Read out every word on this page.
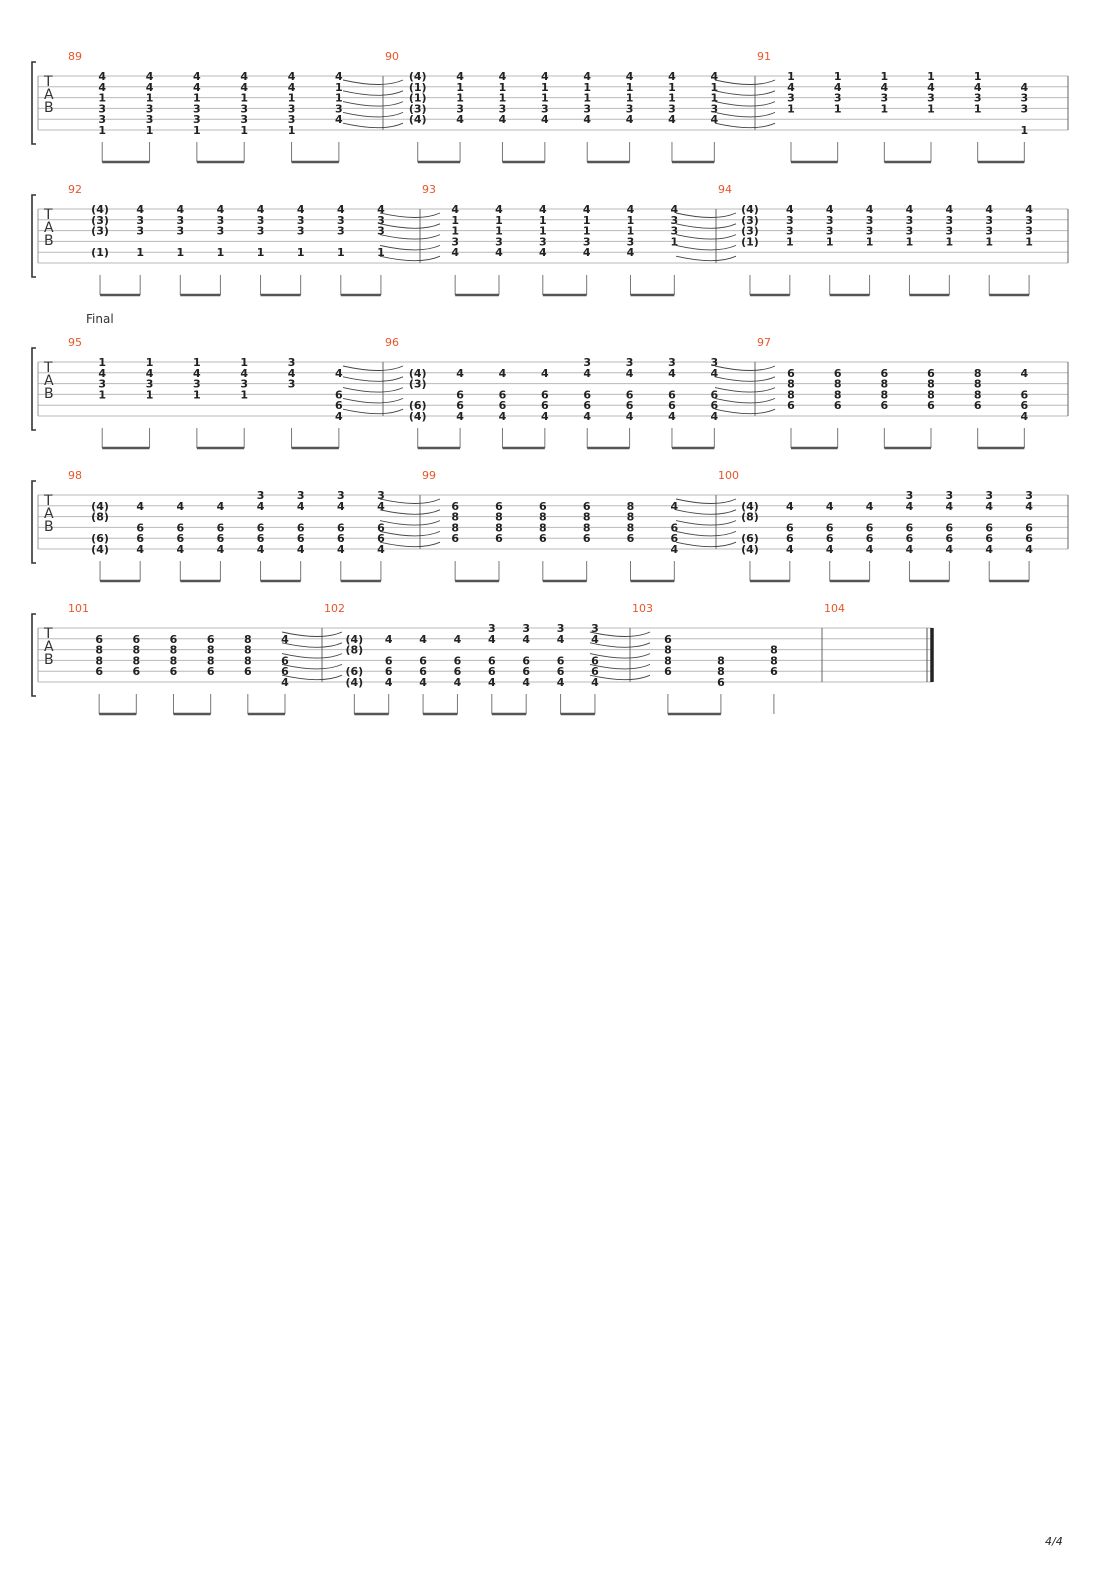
T
A
B
89
4
4
1
3
3
1
4
4
1
3
3
1
4
4
1
3
3
1
4
4
1
3
3
1
4
4
1
3
3
1
4
1
1
3
4
90
(4)
(1)
(1)
(3)
(4)
4
1
1
3
4
4
1
1
3
4
4
1
1
3
4
4
1
1
3
4
4
1
1
3
4
4
1
1
3
4
4
1
1
3
4
91
1
4
3
1
1
4
3
1
1
4
3
1
1
4
3
1
1
4
3
1
4
3
3
1
T
A
B
92
(4)
(3)
(3)
(1)
4
3
3
1
4
3
3
1
4
3
3
1
4
3
3
1
4
3
3
1
4
3
3
1
4
3
3
1
93
4
1
1
3
4
4
1
1
3
4
4
1
1
3
4
4
1
1
3
4
4
1
1
3
4
4
3
3
1
94
(4)
(3)
(3)
(1)
4
3
3
1
4
3
3
1
4
3
3
1
4
3
3
1
4
3
3
1
4
3
3
1
4
3
3
1
T
A
B
95
1
4
3
1
1
4
3
1
1
4
3
1
1
4
3
1
3
4
3
4
6
6
4
96
(4)
(3)
(6)
(4)
4
6
6
4
4
6
6
4
4
6
6
4
3
4
6
6
4
3
4
6
6
4
3
4
6
6
4
3
4
6
6
4
97
6
8
8
6
6
8
8
6
6
8
8
6
6
8
8
6
8
8
8
6
4
6
6
4
T
A
B
98
(4)
(8)
(6)
(4)
4
6
6
4
4
6
6
4
4
6
6
4
3
4
6
6
4
3
4
6
6
4
3
4
6
6
4
3
4
6
6
4
99
6
8
8
6
6
8
8
6
6
8
8
6
6
8
8
6
8
8
8
6
4
6
6
4
100
(4)
(8)
(6)
(4)
4
6
6
4
4
6
6
4
4
6
6
4
3
4
6
6
4
3
4
6
6
4
3
4
6
6
4
3
4
6
6
4
T
A
B
101
6
8
8
6
6
8
8
6
6
8
8
6
6
8
8
6
8
8
8
6
4
6
6
4
102
(4)
(8)
(6)
(4)
4
6
6
4
4
6
6
4
4
6
6
4
3
4
6
6
4
3
4
6
6
4
3
4
6
6
4
3
4
6
6
4
103
6
8
8
6
8
8
6
8
8
6
104
Final
4/4
